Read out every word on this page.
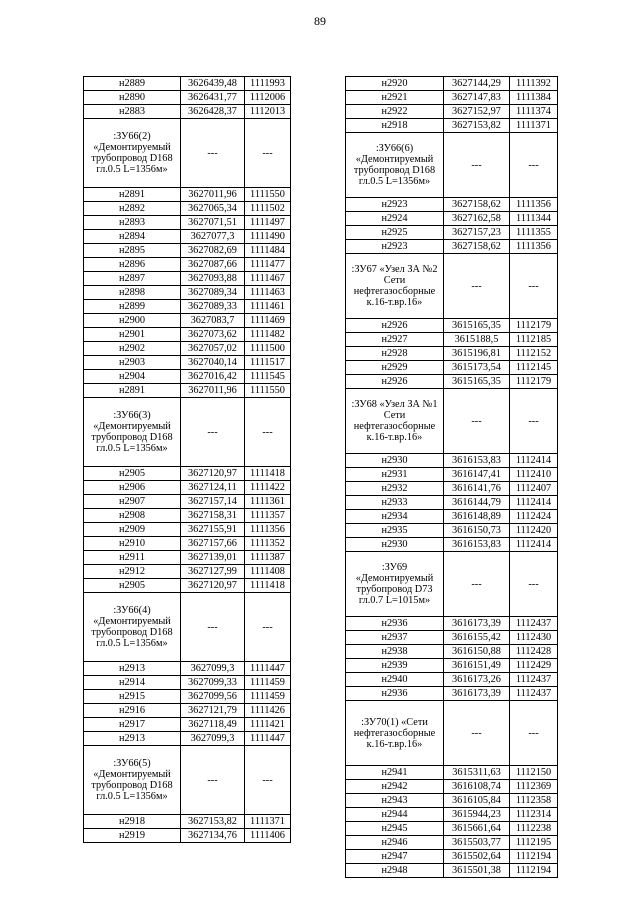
89
н2889	3626439,48	1111993
н2890	3626431,77	1112006
н2883	3626428,37	1112013
:ЗУ66(2) «Демонтируемый трубопровод D168 гл.0.5 L=1356м»	---	---
н2891	3627011,96	1111550
н2892	3627065,34	1111502
н2893	3627071,51	1111497
н2894	3627077,3	1111490
н2895	3627082,69	1111484
н2896	3627087,66	1111477
н2897	3627093,88	1111467
н2898	3627089,34	1111463
н2899	3627089,33	1111461
н2900	3627083,7	1111469
н2901	3627073,62	1111482
н2902	3627057,02	1111500
н2903	3627040,14	1111517
н2904	3627016,42	1111545
н2891	3627011,96	1111550
:ЗУ66(3) «Демонтируемый трубопровод D168 гл.0.5 L=1356м»	---	---
н2905	3627120,97	1111418
н2906	3627124,11	1111422
н2907	3627157,14	1111361
н2908	3627158,31	1111357
н2909	3627155,91	1111356
н2910	3627157,66	1111352
н2911	3627139,01	1111387
н2912	3627127,99	1111408
н2905	3627120,97	1111418
:ЗУ66(4) «Демонтируемый трубопровод D168 гл.0.5 L=1356м»	---	---
н2913	3627099,3	1111447
н2914	3627099,33	1111459
н2915	3627099,56	1111459
н2916	3627121,79	1111426
н2917	3627118,49	1111421
н2913	3627099,3	1111447
:ЗУ66(5) «Демонтируемый трубопровод D168 гл.0.5 L=1356м»	---	---
н2918	3627153,82	1111371
н2919	3627134,76	1111406
н2920	3627144,29	1111392
н2921	3627147,83	1111384
н2922	3627152,97	1111374
н2918	3627153,82	1111371
:ЗУ66(6) «Демонтируемый трубопровод D168 гл.0.5 L=1356м»	---	---
н2923	3627158,62	1111356
н2924	3627162,58	1111344
н2925	3627157,23	1111355
н2923	3627158,62	1111356
:ЗУ67 «Узел ЗА №2 Сети нефтегазосборные к.16-т.вр.16»	---	---
н2926	3615165,35	1112179
н2927	3615188,5	1112185
н2928	3615196,81	1112152
н2929	3615173,54	1112145
н2926	3615165,35	1112179
:ЗУ68 «Узел ЗА №1 Сети нефтегазосборные к.16-т.вр.16»	---	---
н2930	3616153,83	1112414
н2931	3616147,41	1112410
н2932	3616141,76	1112407
н2933	3616144,79	1112414
н2934	3616148,89	1112424
н2935	3616150,73	1112420
н2930	3616153,83	1112414
:ЗУ69 «Демонтируемый трубопровод D73 гл.0.7 L=1015м»	---	---
н2936	3616173,39	1112437
н2937	3616155,42	1112430
н2938	3616150,88	1112428
н2939	3616151,49	1112429
н2940	3616173,26	1112437
н2936	3616173,39	1112437
:ЗУ70(1) «Сети нефтегазосборные к.16-т.вр.16»	---	---
н2941	3615311,63	1112150
н2942	3616108,74	1112369
н2943	3616105,84	1112358
н2944	3615944,23	1112314
н2945	3615661,64	1112238
н2946	3615503,77	1112195
н2947	3615502,64	1112194
н2948	3615501,38	1112194
